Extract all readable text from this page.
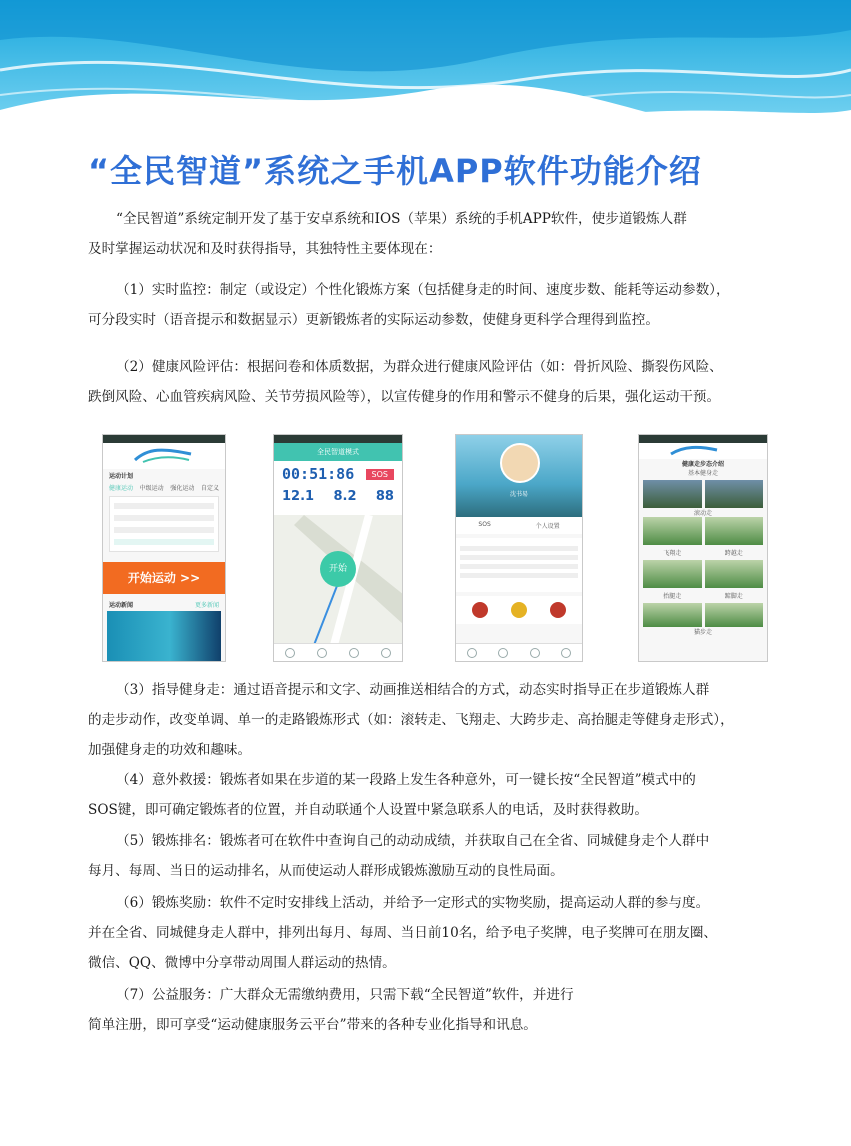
“全民智道”系统之手机APP软件功能介绍
“全民智道”系统定制开发了基于安卓系统和IOS（苹果）系统的手机APP软件，使步道锻炼人群
及时掌握运动状况和及时获得指导，其独特性主要体现在：
（1）实时监控：制定（或设定）个性化锻炼方案（包括健身走的时间、速度步数、能耗等运动参数），
可分段实时（语音提示和数据显示）更新锻炼者的实际运动参数，使健身更科学合理得到监控。
（2）健康风险评估：根据问卷和体质数据，为群众进行健康风险评估（如：骨折风险、撕裂伤风险、
跌倒风险、心血管疾病风险、关节劳损风险等），以宣传健身的作用和警示不健身的后果，强化运动干预。
运动计划
健康运动 中级运动 强化运动 自定义
开始运动 >>
运动新闻	更多新闻
全民智道模式
00:51:86	SOS
12.1 8.2 88
开始
沈书易
SOS	个人设置
健康走步态介绍
基本健身走
滚动走
飞翔走	跨越走
抬腿走	踮脚走
猫步走
（3）指导健身走：通过语音提示和文字、动画推送相结合的方式，动态实时指导正在步道锻炼人群
的走步动作，改变单调、单一的走路锻炼形式（如：滚转走、飞翔走、大跨步走、高抬腿走等健身走形式），
加强健身走的功效和趣味。
（4）意外救援：锻炼者如果在步道的某一段路上发生各种意外，可一键长按“全民智道”模式中的
SOS键，即可确定锻炼者的位置，并自动联通个人设置中紧急联系人的电话，及时获得救助。
（5）锻炼排名：锻炼者可在软件中查询自己的动动成绩，并获取自己在全省、同城健身走个人群中
每月、每周、当日的运动排名，从而使运动人群形成锻炼激励互动的良性局面。
（6）锻炼奖励：软件不定时安排线上活动，并给予一定形式的实物奖励，提高运动人群的参与度。
并在全省、同城健身走人群中，排列出每月、每周、当日前10名，给予电子奖牌，电子奖牌可在朋友圈、
微信、QQ、微博中分享带动周围人群运动的热情。
（7）公益服务：广大群众无需缴纳费用，只需下载“全民智道”软件，并进行
简单注册，即可享受“运动健康服务云平台”带来的各种专业化指导和讯息。
